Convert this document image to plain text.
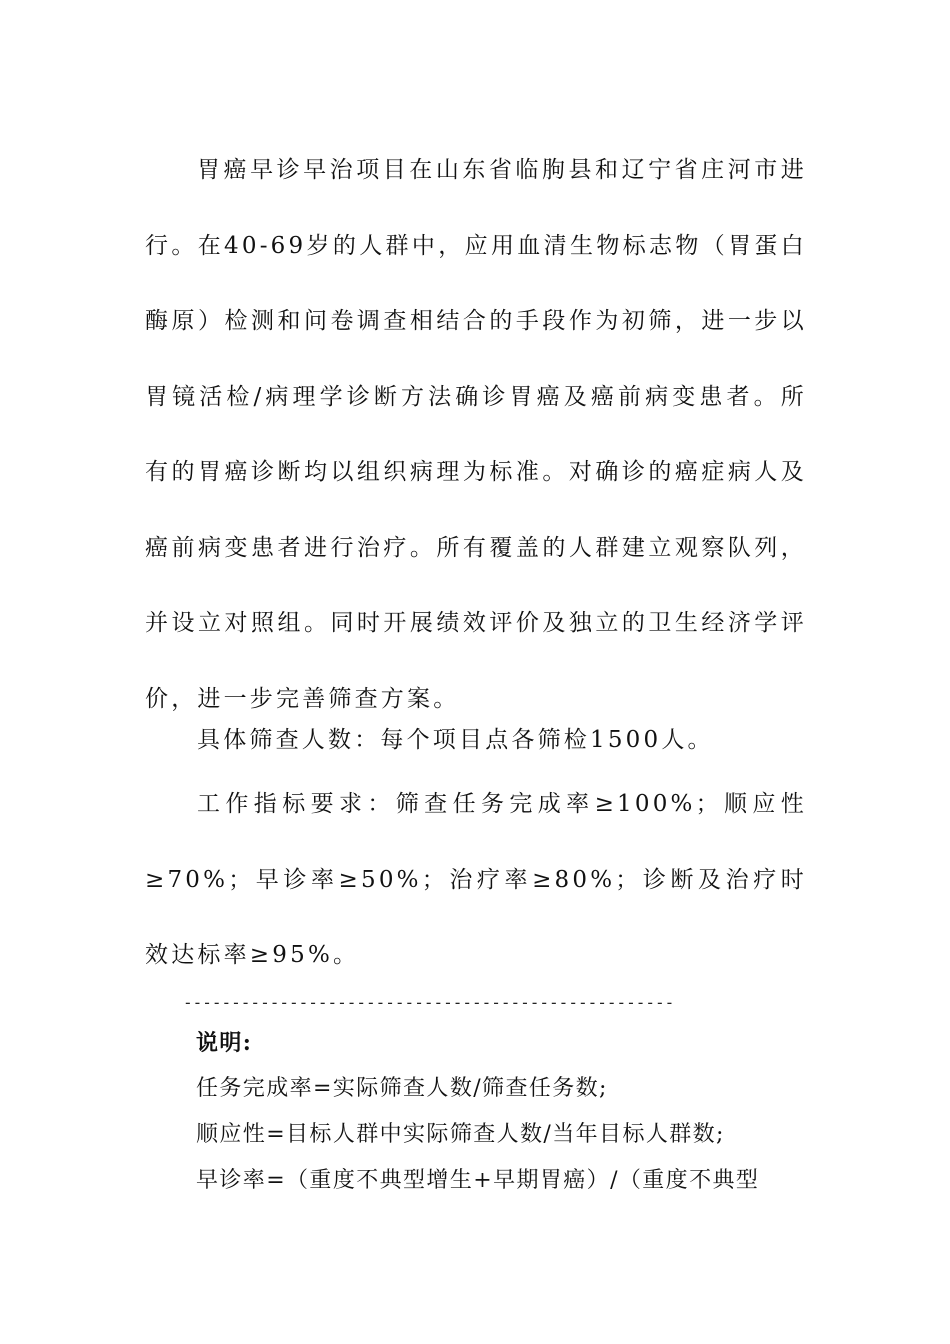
胃癌早诊早治项目在山东省临朐县和辽宁省庄河市进行。在40-69岁的人群中，应用血清生物标志物（胃蛋白酶原）检测和问卷调查相结合的手段作为初筛，进一步以胃镜活检/病理学诊断方法确诊胃癌及癌前病变患者。所有的胃癌诊断均以组织病理为标准。对确诊的癌症病人及癌前病变患者进行治疗。所有覆盖的人群建立观察队列，并设立对照组。同时开展绩效评价及独立的卫生经济学评价，进一步完善筛查方案。

具体筛查人数：每个项目点各筛检1500人。

工作指标要求：筛查任务完成率≥100%；顺应性≥70%；早诊率≥50%；治疗率≥80%；诊断及治疗时效达标率≥95%。

---------------------------------------------------
说明:
任务完成率=实际筛查人数/筛查任务数;
顺应性=目标人群中实际筛查人数/当年目标人群数;
早诊率=（重度不典型增生+早期胃癌）/（重度不典型
